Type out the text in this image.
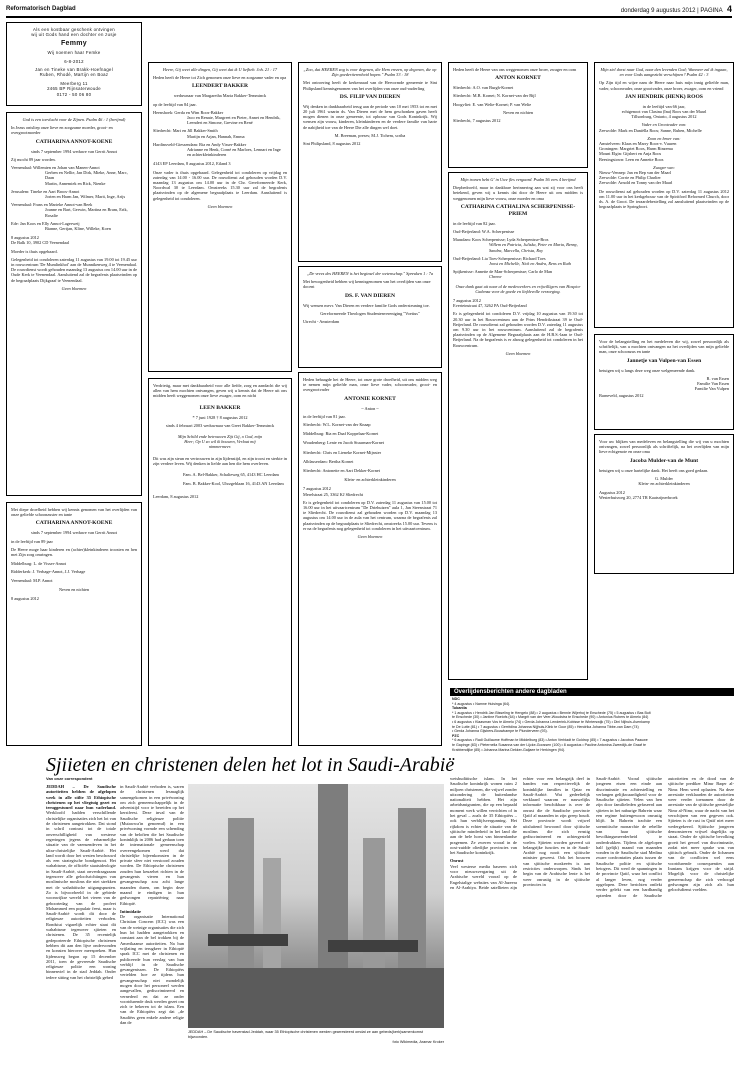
Reformatorisch Dagblad	donderdag 9 augustus 2012 | PAGINA 4
Als een kostbaar geschenk ontvingen
wij uit Gods hand een dochter en zusje
Femmy
Wij noemen haar Femke
6-8-2012
Jan en Tineke van Brakk-Hoefnagel
Ruben, Rhodé, Martijn en Boaz
Meerberg 11
2465 BP Rijnsaterwoude
0172 - 50 06 80
God is een toevlucht voor de Zijnen. Psalm 46 : 1 (berijmd)
In Jezus ontsliep onze lieve en zorgzame moeder, groot- en overgrootmoeder
CATHARINA ANNOT-KOENE
sinds 7 september 1994 weduwe van Gerrit Annot
Zij mocht 89 jaar worden.
Veenendaal: Willemien en Johan van Manen-Annot
Gerben en Nellie, Jan Dirk, Mieke, Anne, Marc, Daan
Martin, Annemiek en Rick, Nienke
Jerusalem: Tineke en Aart Broos-Annot
Jorien en Harm Jan, Wilmer, Marit, Inge, Arijs
Veenendaal: Frans en Marieke Annot-van Beek
Joanne en Bart, Gerwin, Martina en Bram, Erik, Rosalie
Ede: Jan Koos en Elly Annot-Lagerweij
Bianne, Gertjan, Kline, Willeke, Koen
8 augustus 2012
De Balk 10, 3902 CD Veenendaal
Moeder is thuis opgebaard.
Gelegenheid tot condoleren zaterdag 11 augustus van 19.00 tot 19.45 uur in rouwcentrum 'De Mumlinkhof' aan de Munnikenweg 4 te Veenendaal. De rouwdienst wordt gehouden maandag 13 augustus om 14.00 uur in de Oude Kerk te Veenendaal. Aansluitend zal de begrafenis plaatsvinden op de begraafplaats Dijkgraaf te Veenendaal.
Geen bloemen
Met diepe droefheid hebben wij kennis genomen van het overlijden van onze geliefde schoonzuster en tante
CATHARINA ANNOT-KOENE
sinds 7 september 1994 weduwe van Gerrit Annot
in de leeftijd van 89 jaar
De Heere moge haar kinderen en (achter)kleinkinderen troosten en hen met Zijn zorg omringen.
Middelburg: L. de Visser-Annot
Ridderkerk: J. Verhage-Annot, J.J. Verhage
Veenendaal: M.P. Annot
Neven en nichten
8 augustus 2012
Heere, Gij weet alle dingen, Gij weet dat ik U liefheb. Joh. 21 : 17
Heden heeft de Heere tot Zich genomen onze lieve en zorgzame vader en opa
LEENDERT BAKKER
weduwnaar van Margaretha Maria Bakker-Temminck
op de leeftijd van 84 jaar.
Heenshoek: Gerda en Wim Roos-Bakker
Jaco en Renate, Margreet en Pieter, Annet en Hendrik, Leendert en Simone, Grevine en René
Sliedrecht: Mari en Jill Bakker-Smith
Martijn en Arjan, Hannah, Emma
Hardinxveld-Giessendam: Ria en Andy Visser-Bakker
Adrianne en Henk, Corné en Marloes, Lennart en Inge
en achterkleinkinderen
4143 EP Leerdam, 8 augustus 2012, Eiland 3
Onze vader is thuis opgebaard. Gelegenheid tot condoleren op vrijdag en zaterdag van 14.00 - 16.00 uur. De rouwdienst zal gehouden worden D.V. maandag 13 augustus om 14.00 uur in de Chr. Gereformeerde Kerk, Noordwal 30 te Leerdam. Omstreeks 15.30 uur zal de begrafenis plaatsvinden op de algemene begraafplaats te Leerdam. Aansluitend is gelegenheid tot condoleren.
Geen bloemen
Verdrietig, maar met dankbaarheid voor alle liefde, zorg en aandacht die wij allen van hem mochten ontvangen, geven wij u kennis dat de Heere uit ons midden heeft weggenomen onze lieve zwager, oom en nicht
LEEN BAKKER
* 7 juni 1928 † 8 augustus 2012
sinds 4 februari 2003 weduwnaar van Greet Bakker-Temminck
Mijn Schild ende betrouwen Zijt Gij, o God, mijn Heer; Op U zo wil ik bouwen, Verlaat mij nimmermeer.
Dit was zijn steun en vertrouwen in zijn lijdenstijd, en zijn troost en sterkte in zijn verdere leven. Wij denken in liefde aan hen die hem overleven.
Fam. A. Bel-Bakker, Schalieweg 65, 4143 HC Leerdam
Fam. B. Bakker-Kool, Uhrzgeblaan 16, 4143 AN Leerdam
Leerdam, 8 augustus 2012
„Zoo, dat HEEREN zog is voor degenen, die Hem vrezen, op degenen, die op Zijn goedertierenheid hopen." Psalm 33 : 18
Met ontroering heeft de kerkenraad van de Hervormde gemeente te Sint Philipsland kennisgenomen van het overlijden van onze oud-ouderling
DS. FILIP VAN DIEREN
Wij denken in dankbaarheid terug aan de periode van 10 mei 1953 tot en met 20 juli 1961 waarin ds. Van Dieren met de hem geschonken gaven heeft mogen dienen in onze gemeente, tot opbouw van Gods Koninkrijk. Wij wensen zijn vrouw, kinderen, kleinkinderen en de verdere familie van harte de nabijheid toe van de Heere Die alle dingen wel doet.
M. Breeman, preses; M.J. Tichem, scriba
Sint Philipsland, 8 augustus 2012
„De vrees des HEEREN is het beginsel der wetenschap." Spreuken 1 : 7a
Met bewogenheid hebben wij kennisgenomen van het overlijden van onze docent
DS. F. VAN DIEREN
Wij wensen mevr. Van Dieren en verdere familie Gods ondersteuning toe.
Gereformeerde Theologen Studentenvereniging "Voetius"
Utrecht - Amsterdam
Heden behaagde het de Heere, tot onze grote droefheid, uit ons midden weg te nemen mijn geliefde man, onze lieve vader, schoonvader, groot- en overgrootvader
ANTONIE KORNET
~ Anton ~
in de leeftijd van 81 jaar.
Sliedrecht: W.L. Kornet-van der Knaap
Middelburg: Ria en Daaf Koppelaar-Kornet
Woudenberg: Lenie en Jacob Stuurman-Kornet
Sliedrecht: Chris en Lieneke Kornet-Mijnster
Alblasserdam: Bertha Kornet
Sliedrecht: Antonette en Aart Dekker-Kornet
Klein- en achterkleinkinderen
7 augustus 2012
Merelstraat 25, 3362 KJ Sliedrecht
Er is gelegenheid tot condoleren op D.V. zaterdag 11 augustus van 15.00 tot 16.00 uur in het uitvaartcentrum "De Driehuizen" aula 1, Jan Steenstraat 71 te Sliedrecht. De rouwdienst zal gehouden worden op D.V. maandag 13 augustus om 14.00 uur in de aula van het centrum, waarna de begrafenis zal plaatsvinden op de begraafplaats te Sliedrecht, omstreeks 15.00 uur. Tevens is er na de begrafenis nog gelegenheid tot condoleren in het uitvaartcentrum.
Geen bloemen
Heden heeft de Heere van ons weggenomen onze broer, zwager en oom
ANTON KORNET
Sliedrecht: A.O. van Burgh-Kornet
Sliedrecht: M.B. Kornet; N. Kornet-van der Bijl
Hoogvliet: E. van Welie-Kornet; P. van Welie
Neven en nichten
Sliedrecht, 7 augustus 2012
Mijn tranen hebt G' in Uwe fles vergaard. Psalm 56 vers 4 berijmd
Diepbedroefd, maar in dankbare herinnering aan wat zij voor ons heeft betekend, geven wij u kennis dat door de Heere uit ons midden is weggenomen mijn lieve vrouw, onze moeder en oma
CATHARINA CATHALINA SCHERPENISSE-PRIEM
in de leeftijd van 82 jaar.
Oud-Beijerland: W.A. Scherpenisse
Maasdam: Koos Scherpenisse; Lyda Scherpenisse-Bros
Willem en Patricia, Juliska, Peter en Maria, Benny, Sandra, Marcella, Christa, Roy
Oud-Beijerland: Lia Toes-Scherpenisse; Richard Toes
Joost en Michelle, Nick en Andra, Rens en Ruth
Spijkenisse: Annette de Man-Scherpenisse; Carlo de Man
Chrene
Onze dank gaat uit naar al de medewerkers en vrijwilligers van Hospice Cadenza voor de goede en liefdevolle verzorging.
7 augustus 2012
Everteinstraat 47, 3262 PA Oud-Beijerland
Er is gelegenheid tot condoleren D.V. vrijdag 10 augustus van 19.30 tot 20.30 uur in het Rouwcentrum aan de Prins Hendrikstraat 39 te Oud-Beijerland. De rouwdienst zal gehouden worden D.V. zaterdag 11 augustus om 9.30 uur in het rouwcentrum. Aansluitend zal de begrafenis plaatsvinden op de Algemene Begraafplaats aan de H.B.S.-laan te Oud-Beijerland. Na de begrafenis is er alsnog gelegenheid tot condoleren in het Rouwcentrum.
Geen bloemen
Mijn ziel dorst naar God, naar den levenden God; Wanneer zal ik ingaan, en voor Gods aangezicht verschijnen? Psalm 42 : 3
Op Zijn tijd en wijze nam de Heere naar huis mijn innig geliefde man, vader, schoonvader, onze grootvader, onze broer, zwager, oom en vriend
JAN HENDRIK (HENK) ROOS
in de leeftijd van 66 jaar,
echtgenoot van Clasina (Ina) Roos van der Maarl
Tillsonburg, Ontario, 4 augustus 2012
Vader en Grootvader van:
Zeewolde: Mark en Daniëlla Roos; Sanne, Ruben, Michelle
Zoon en broer van:
Amstelveen: Klaas en Marry Roos-v. Vuuren
Groningen: Margriet Roos, Harm Rinzema
Mount Elgin: Gijsbert en Anja Roos
Beesingstown: Leen en Annette Roos
Zwager van:
Nieuw-Vennep: Jan en Bep van der Maarl
Zeewolde: Corrie en Philip Charlier
Zeewolde: Arnold en Tonny van der Maarl
De rouwdienst zal gehouden worden op D.V. zaterdag 11 augustus 2012 om 11.00 uur in het kerkgebouw van de Spiritford Reformed Church, door ds. A. de Groot. De teraardebestelling zal aansluitend plaatsvinden op de begraafplaats te Springfoort.
Voor de belangstelling en het medeleven die wij, zowel persoonlijk als schriftelijk, van u mochten ontvangen na het overlijden van mijn geliefde man, onze schoonzus en tante
Jannetje van Vulpen-van Essen
betuigen wij u langs deze weg onze welgemeende dank.
R. van Essen
Familie Van Essen
Familie Van Vulpen
Barneveld, augustus 2012
Voor uw blijken van medeleven en belangstelling die wij van u mochten ontvangen, zowel persoonlijk als schriftelijk, na het overlijden van mijn lieve echtgenote en onze oma
Jacoba Mulder-van de Munt
betuigen wij u onze hartelijke dank. Het heeft ons goed gedaan.
G. Mulder
Klein- en achterkleinkinderen
Augustus 2012
Westerbuisweg 20, 2774 TR Kaatsrijnerbroek
Overlijdensberichten andere dagbladen
NDC
* 4 augustus • Namne Huisinga (64).
Tubantia
* 1 augustus • Hendrik Jan Bisseling te Hengelo (88) • 2 augustus • Bennie Wijerhoj te Enschede (75) • 5 augustus • Bas Bult
te Enschede (30) • Jantine Roelofs (64) • Margrit van der Veer-Woudstra te Enschede (90) • Antonius Rubers te Almelo (84)
• 6 augustus • Klaasman Vos te Almelo (74) • Gerda Johanna Lenderink-Kobisse te Winterswijk (75) • Dini Nijhuis-Avenkamp
te De Lutte (81) • 7 augustus • Gerritdina Johanna Nijjhuis-Klink te Goor (85) • Hendrika Johanna Tibbe-van Dam (74)
• Gerda Johanna Gijsbers-Bouwkampe te Plunderveen (93).
PZC
* 6 augustus • Radi Guillaume Hoffman te Middelburg (83) • Anton Verbladt te Goldrop (85) • 7 augustus • Jacobus Paauwe
te Gapinge (83) • Pieternella Susanna van der Lijcke-Goossen (100) • 8 augustus • Pauline Antonina Zweedijk-de Graaf te
Krabbendijke (85) • Johanna Marina Dekker-Galjaee te Herkingen (94).
Sjiieten en christenen delen het lot in Saudi-Arabië
Van onze correspondent
JEDDAH – De Saudische autoriteiten hebben de afgelopen week in alle stilte 35 Ethiopische christenen op het vliegtuig gezet en teruggestuurd naar hun vaderland. Werkloofd hadden verschillende christelijke organisaties zich het lot van de christenen aangetrokken. Dat stond in schril contrast tot de totale onverschilligheid van westerse regeringen jegens de erbarmelijke situatie van de vaensendeven in het ultra-christelijke Saudi-Arabië. Het land wordt door het westen beschouwd als een strategische bondgenoot. Het wahabisme, de officiële staatsideologie in Saudi-Arabië, staat onverdraagzaam tegenover alle geloofsrichtingen van moslimische moslims die niet strekken met de wahabitische uitgangspunten. Zo is bijvoorbeeld in de gebiede woonwijkse wereld het vieren van de geboortedag van de profeet Mohammed een populair feest, maar is Saudi-Arabië wordt dit door de religieuze autoriteiten verboden. Rondsiut vigarelijk echter staat dit wahabisme tegenover sjiieten en christenen. De 35 recentelijk gedeporteerde Ethiopische christenen hebben dit aan den lijve ondervonden en konsten hierover meespreken. Hun lijdensweg begon op 15 december 2011, toen de gevreesde Saudische religieuze politie een woning binnenviel in de stad Jeddah. Onder iedere sitting van het christelijk gebed
in Saudi-Arabië verboden is, waren de christenen lesmaglijk samengekomen in een privéwoning om zich gemeenschappelijk in de adventstijd voor te bereiden op het kerstfeest. Deze inval van de Saudische religieuze politie (Mutawwa'in genoemd) in een privéwoning vormde een schending van de beloften die het Saudische koninklijk in 2006 had gedaan toen de internationale gemeenschap overeengekomen werd dat christelijke bijeenkomsten in de private sfeer niet verstoord zouden worden. De Ethiopische christenen zouden hun keuzehet richten in de gevangenis vieren en hun gevangenschap zou acht lange maanden duren, om begin deze maand te eindigen in hun gedwongen repatriëring naar Ethiopië.
Intimidatie
De organisatie International Christian Concern (ICC) was een van de weinige organisaties die zich hun lot hadden aangetrokken en constant aan de bel trokken bij de Amerikaanse autoriteiten. Na hun vrijlating en terugkeer in Ethiopië sprak ICC met de christenen en publiceerde hun verslag van hun verblijf in de Saudische gevangenissen. De Ethiopiërs vertelden hoe ze tijdens hun gevangenschap niet mondelijk mogen door het personeel werden aangevallen, gediscrimineerd en vernederd en dat ze onder voortdurende druk werden gezet om zich te bekeren tot de islam. Een van de Ethiopiërs zegt dat „de Saudiërs geen enkele andere religie dan de
JEDDAH – De Saudische havenstad Jeddah, waar 35 Ethiopische christenen werden gearresteerd omdat ze aan gebeds(kerk)samenkomst bijwoonden.
foto Wikimedia, Aramar Kroker
wetsbudittische islam. In het Saudische koninkrijk wonen ruim 2 miljoen christenen, die vrijwel zonder uitzondering de buitenlandse nationaliteit hebben. Het zijn arbeidsmigranten, die op een bepaald moment werk willen verrichten of in het geval – zoals de 35 Ethiopiërs – ook hun verblijfsvergunning. Het rijkdom is echter de situatie van de sjiitische minderheid in het land die aan de hele horst van binnenlandse pragemen. Ze zweren vooral in de oost-zuidde oliedijke provincies van het Saudische koninkrijk.
Onrust
Veel westerse media baseren zich voor nieuwsvergaring uit de Arabische wereld vooral op de Engelstalige websites van Al-Jazeera en Al-Arabiya. Beide satellieten zijn echter voor een belangrijk deel in handen van respectievelijk de koninklijke families in Qatar en Saudi-Arabië. Wat gedeeltelijk verklaard waarom er nauwelijks informatie beschikbaar is over de onrust die de Saudische provincie Qatif al maanden in zijn greep houdt. Deze provincie wordt vrijwel uitsluitend bewoond door sjiitische moslims die zich ernstig gediscrimineerd en achtergesteld voelen. Sjiieten worden gaveerd uit belangrijke functies en in de Saudi-Arabië nog nooit een sjiitische minister geweest. Ook het bouwen van sjiitische moskeeën is aan restricties onderworpen. Sinds het begin van de Arabische lente is het weer onrustig in de sjiitische provincies in
Saudi-Arabië. Vooral sjiitische jongeren eisen een einde aan discriminatie en achterstelling en verlangen gelijkwaardigheid voor de Saudische sjiieten. Velen van hen zijn door familieleden gefaseerd aan sjiieten in het naburige Bahrein waar een regime buitengewoon onrustig blijft. In Bahrein trachtte een soennitische monarchie de rebellie van haar sjiitische bevolkingsmeerderheid te onderdrukken. Tijdens de afgelopen half (gelijk) maand van maanden vonden in de Saudische stad Medina zware confrontaties plaats tussen de Saudische politie en sjiitische betogers. Dit werd de spanningen in de provincie Qatif, waar het conflict al langer leven, nog verder opgelopen. Deze berichten ontlekt verder gelekt van een hardhandig optreden door de Saudische autoriteiten en de dood van de sjiitische prediker Mimr Baqer al-Nimr. Hem werd oplaaien. Na deze arrestatie verklaarden de autoriteiten weer verder toenamen door de arrestatie van de sjiitische geestelijke Nimr al-Nimr, waar de nacht van het verschijnen van een gegeven ook. Sjiieten is de rust in Qatif niet meer wedergekeerd. Sjiitische jongeren demonstreren vrijwel dagelijks op straat. Onder de sjiitische bevolking groeit het gevoel van discriminatie, zodat niet meer sprake was van sjiitisch gebruik. Onder de lichamen van de conflicten wel eens voortdurende consequenties aan Iranians krijgen voor de strijd. Mogelijk voor de christelijke gemeenschap die zich verhoogd gedwongen zijn zich als hun geloofsdienst voelden.
